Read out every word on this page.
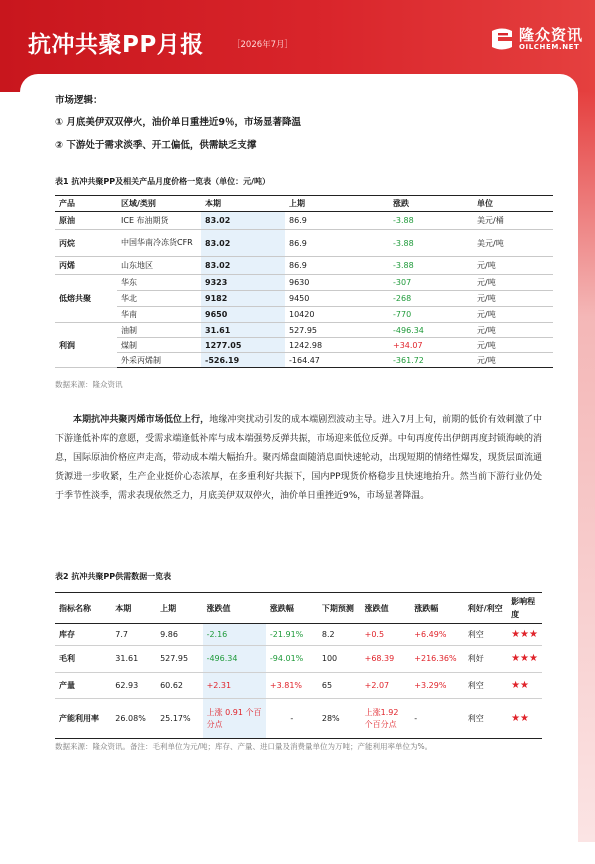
抗冲共聚PP月报	［2026年7月］
隆众资讯
OILCHEM.NET
市场逻辑：
① 月底美伊双双停火，油价单日重挫近9％，市场显著降温
② 下游处于需求淡季、开工偏低，供需缺乏支撑
表1 抗冲共聚PP及相关产品月度价格一览表（单位：元/吨）
产品	区域/类别	本期	上期	涨跌	单位
原油	ICE 布油期货	83.02	86.9	-3.88	美元/桶
丙烷	中国华南冷冻货CFR	83.02	86.9	-3.88	美元/吨
丙烯	山东地区	83.02	86.9	-3.88	元/吨
低熔共聚	华东	9323	9630	-307	元/吨
	华北	9182	9450	-268	元/吨
	华南	9650	10420	-770	元/吨
利润	油制	31.61	527.95	-496.34	元/吨
	煤制	1277.05	1242.98	+34.07	元/吨
	外采丙烯制	-526.19	-164.47	-361.72	元/吨
数据来源：隆众资讯

本期抗冲共聚丙烯市场低位上行，地缘冲突扰动引发的成本端剧烈波动主导。进入7月上旬，前期的低价有效刺激了中下游逢低补库的意愿，受需求端逢低补库与成本端强势反弹共振，市场迎来低位反弹。中旬再度传出伊朗再度封锁海峡的消息，国际原油价格应声走高，带动成本端大幅抬升。聚丙烯盘面随消息面快速轮动，出现短期的情绪性爆发，现货层面流通货源进一步收紧，生产企业挺价心态浓厚，在多重利好共振下，国内PP现货价格稳步且快速地抬升。然当前下游行业仍处于季节性淡季，需求表现依然乏力，月底美伊双双停火，油价单日重挫近9%，市场显著降温。

表2 抗冲共聚PP供需数据一览表
指标名称	本期	上期	涨跌值	涨跌幅	下期预测	涨跌值	涨跌幅	利好/利空	影响程度
库存	7.7	9.86	-2.16	-21.91%	8.2	+0.5	+6.49%	利空	★★★
毛利	31.61	527.95	-496.34	-94.01%	100	+68.39	+216.36%	利好	★★★
产量	62.93	60.62	+2.31	+3.81%	65	+2.07	+3.29%	利空	★★
产能利用率	26.08%	25.17%	上涨 0.91 个百分点	-	28%	上涨1.92个百分点	-	利空	★★
数据来源：隆众资讯。备注：毛利单位为元/吨；库存、产量、进口量及消费量单位为万吨；产能利用率单位为%。
